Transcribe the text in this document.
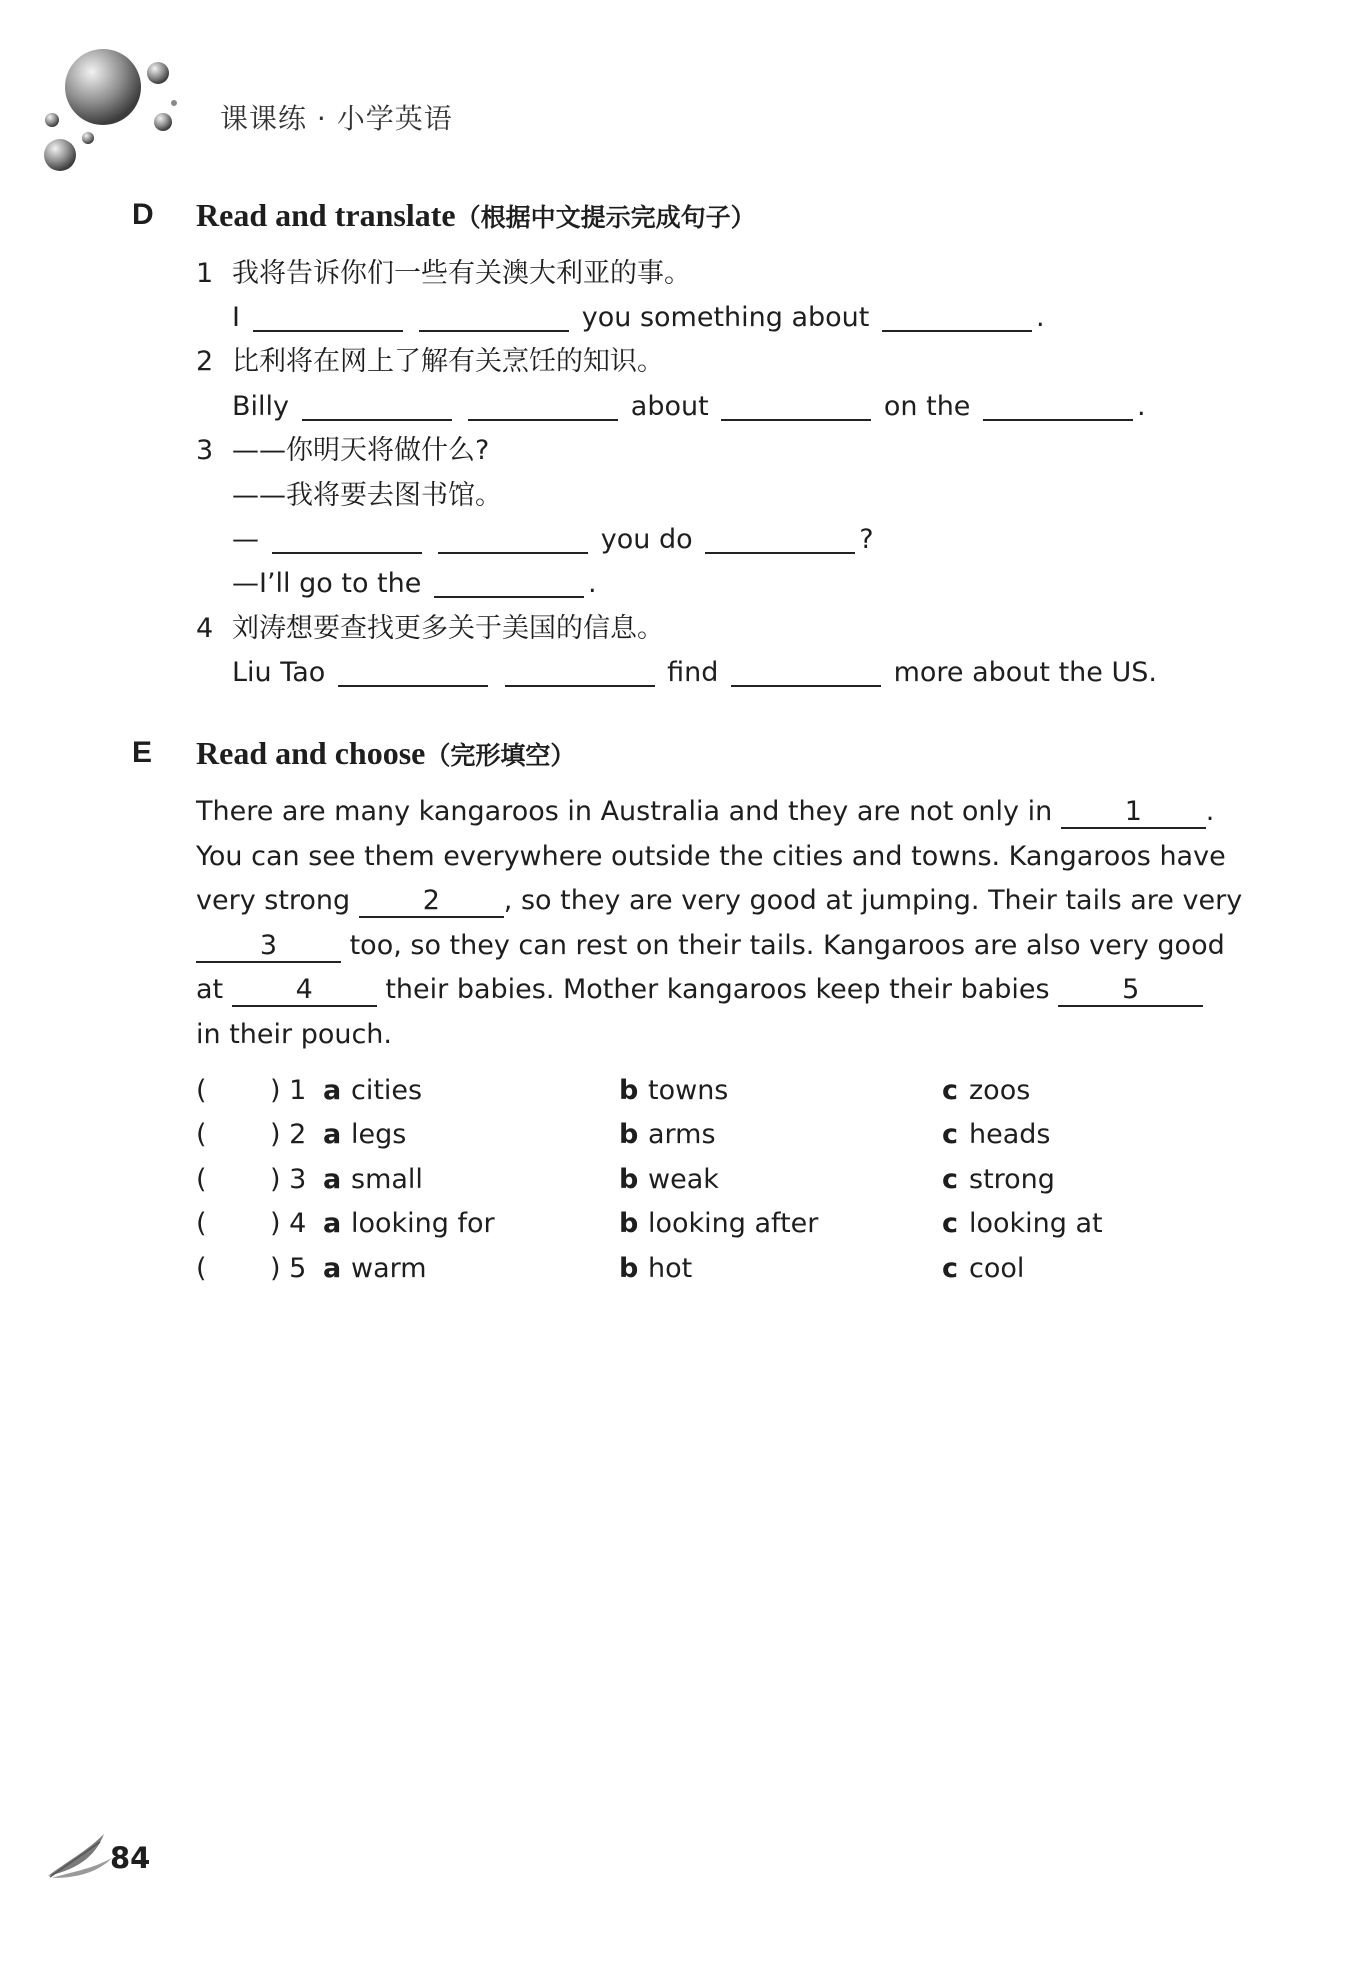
课课练 · 小学英语
D Read and translate（根据中文提示完成句子）
1 我将告诉你们一些有关澳大利亚的事。
I	you something about	.
2 比利将在网上了解有关烹饪的知识。
Billy	about	on the	.
3 ——你明天将做什么?
——我将要去图书馆。
—	you do	?
—I’ll go to the	.
4 刘涛想要查找更多关于美国的信息。
Liu Tao	find	more about the US.
E Read and choose（完形填空）
There are many kangaroos in Australia and they are not only in	1 .
You can see them everywhere outside the cities and towns. Kangaroos have
very strong	2 , so they are very good at jumping. Their tails are very
3	too, so they can rest on their tails. Kangaroos are also very good
at	4	their babies. Mother kangaroos keep their babies	5
in their pouch.
( ) 1 a cities	b towns	c zoos
( ) 2 a legs	b arms	c heads
( ) 3 a small	b weak	c strong
( ) 4 a looking for	b looking after	c looking at
( ) 5 a warm	b hot	c cool
84
